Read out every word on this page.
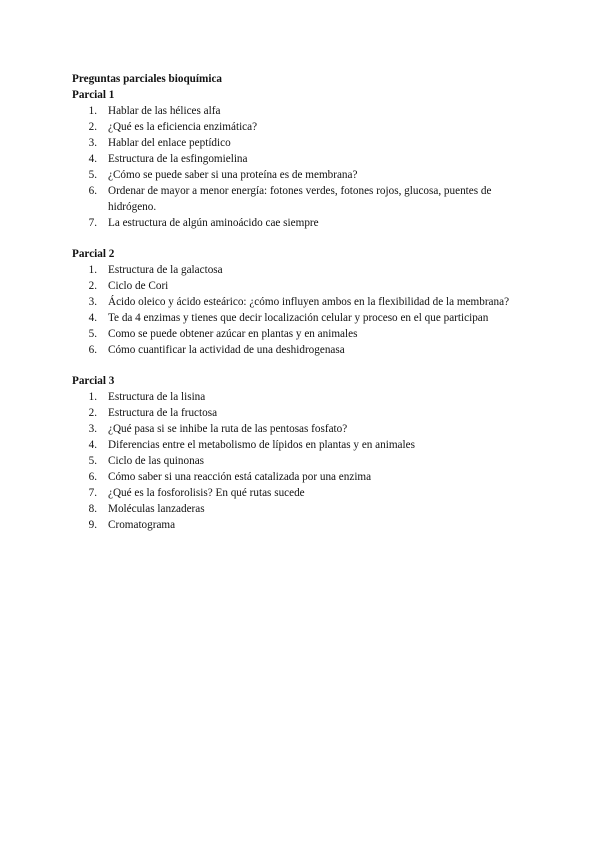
Preguntas parciales bioquímica

Parcial 1

1. Hablar de las hélices alfa
2. ¿Qué es la eficiencia enzimática?
3. Hablar del enlace peptídico
4. Estructura de la esfingomielina
5. ¿Cómo se puede saber si una proteína es de membrana?
6. Ordenar de mayor a menor energía: fotones verdes, fotones rojos, glucosa, puentes de hidrógeno.
7. La estructura de algún aminoácido cae siempre

Parcial 2

1. Estructura de la galactosa
2. Ciclo de Cori
3. Ácido oleico y ácido esteárico: ¿cómo influyen ambos en la flexibilidad de la membrana?
4. Te da 4 enzimas y tienes que decir localización celular y proceso en el que participan
5. Como se puede obtener azúcar en plantas y en animales
6. Cómo cuantificar la actividad de una deshidrogenasa

Parcial 3

1. Estructura de la lisina
2. Estructura de la fructosa
3. ¿Qué pasa si se inhibe la ruta de las pentosas fosfato?
4. Diferencias entre el metabolismo de lípidos en plantas y en animales
5. Ciclo de las quinonas
6. Cómo saber si una reacción está catalizada por una enzima
7. ¿Qué es la fosforolisis? En qué rutas sucede
8. Moléculas lanzaderas
9. Cromatograma
